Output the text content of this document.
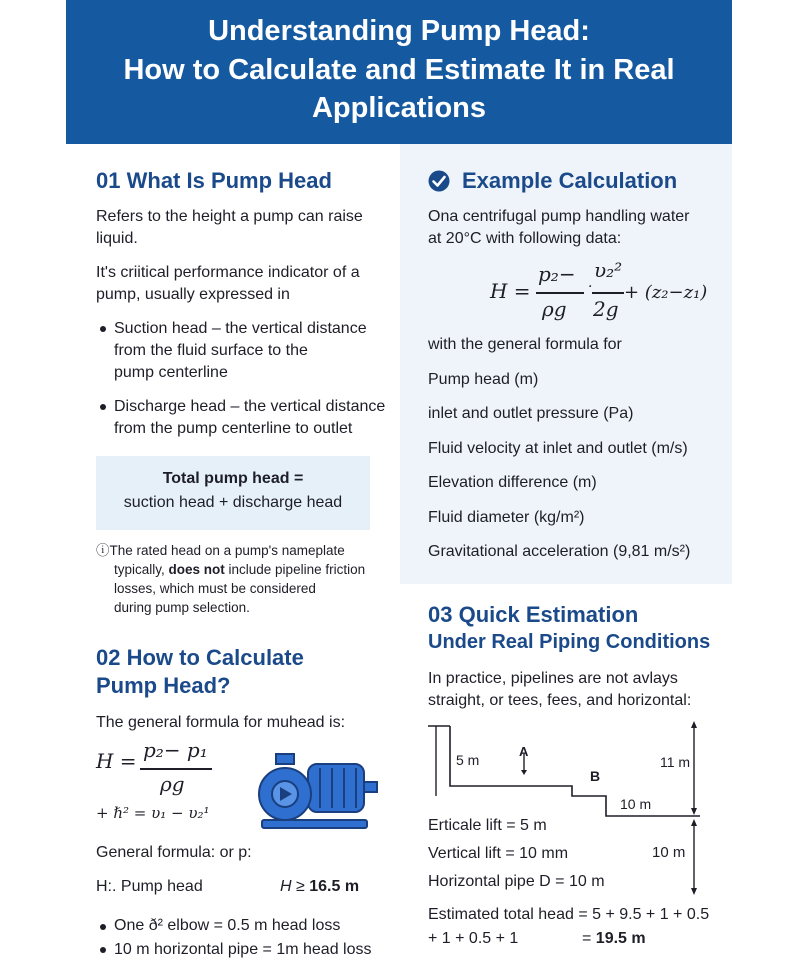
Understanding Pump Head:
How to Calculate and Estimate It in Real
Applications
01 What Is Pump Head
Refers to the height a pump can raise
liquid.
It's criitical performance indicator of a
pump, usually expressed in
Suction head – the vertical distance
from the fluid surface to the
pump centerline
Discharge head – the vertical distance
from the pump centerline to outlet
Total pump head =
suction head + discharge head
ⓘThe rated head on a pump's nameplate
typically, does not include pipeline friction
losses, which must be considered
during pump selection.
02 How to Calculate
Pump Head?
The general formula for muhead is:
H = p₂− p₁
ρg
+ ℏ² = υ₁ − υ₂¹
General formula: or p:
H:. Pump head	H ≥ 16.5 m
One ð² elbow = 0.5 m head loss
10 m horizontal pipe = 1m head loss
Example Calculation
Ona centrifugal pump handling water
at 20°C with following data:
H =
p₂−
ρg
·
υ₂²
2g
+ (z₂−z₁)
with the general formula for
Pump head (m)
inlet and outlet pressure (Pa)
Fluid velocity at inlet and outlet (m/s)
Elevation difference (m)
Fluid diameter (kg/m²)
Gravitational acceleration (9,81 m/s²)
03 Quick Estimation
Under Real Piping Conditions
In practice, pipelines are not avlays
straight, or tees, fees, and horizontal:
5 m
A
B
11 m
10 m
10 m
Erticale lift = 5 m
Vertical lift = 10 mm
Horizontal pipe D = 10 m
Estimated total head = 5 + 9.5 + 1 + 0.5
+ 1 + 0.5 + 1	= 19.5 m
